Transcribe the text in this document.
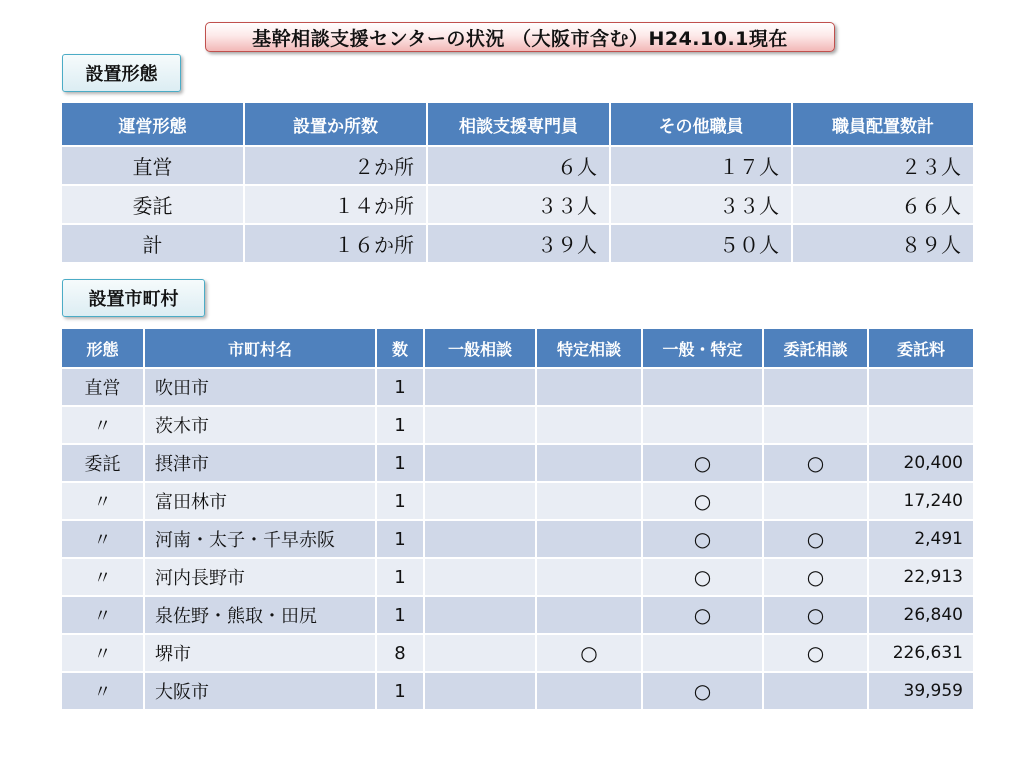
基幹相談支援センターの状況 （大阪市含む）H24.10.1現在
設置形態
運営形態	設置か所数	相談支援専門員	その他職員	職員配置数計
直営	２か所	６人	１７人	２３人
委託	１４か所	３３人	３３人	６６人
計	１６か所	３９人	５０人	８９人
設置市町村
形態	市町村名	数	一般相談	特定相談	一般・特定	委託相談	委託料
直営	吹田市	1					
〃	茨木市	1					
委託	摂津市	1			○	○	20,400
〃	富田林市	1			○		17,240
〃	河南・太子・千早赤阪	1			○	○	2,491
〃	河内長野市	1			○	○	22,913
〃	泉佐野・熊取・田尻	1			○	○	26,840
〃	堺市	8		○		○	226,631
〃	大阪市	1			○		39,959
